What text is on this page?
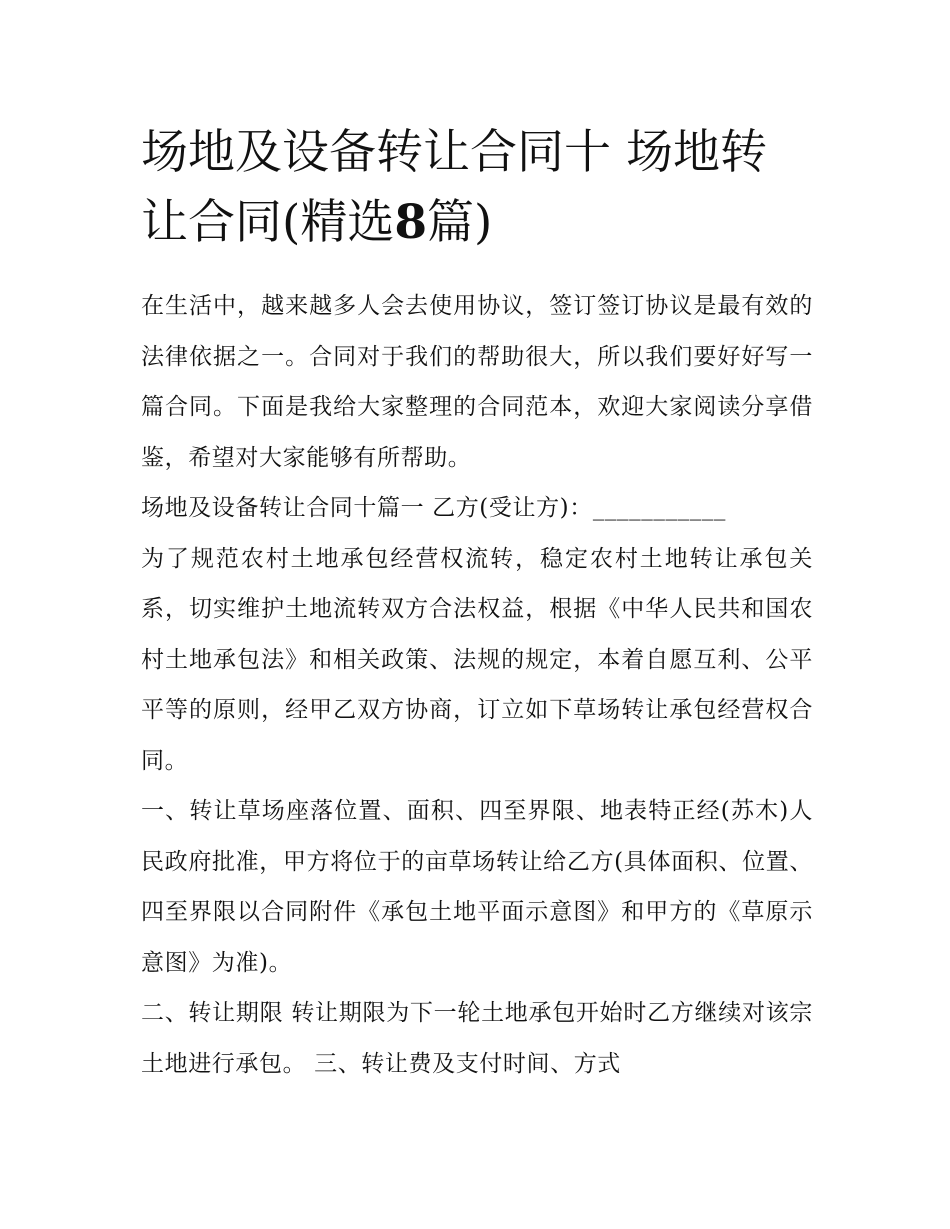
场地及设备转让合同十 场地转让合同(精选8篇)

在生活中，越来越多人会去使用协议，签订签订协议是最有效的法律依据之一。合同对于我们的帮助很大，所以我们要好好写一篇合同。下面是我给大家整理的合同范本，欢迎大家阅读分享借鉴，希望对大家能够有所帮助。

场地及设备转让合同十篇一 乙方(受让方)：___________

为了规范农村土地承包经营权流转，稳定农村土地转让承包关系，切实维护土地流转双方合法权益，根据《中华人民共和国农村土地承包法》和相关政策、法规的规定，本着自愿互利、公平平等的原则，经甲乙双方协商，订立如下草场转让承包经营权合同。

一、转让草场座落位置、面积、四至界限、地表特正经(苏木)人民政府批准，甲方将位于的亩草场转让给乙方(具体面积、位置、四至界限以合同附件《承包土地平面示意图》和甲方的《草原示意图》为准)。

二、转让期限 转让期限为下一轮土地承包开始时乙方继续对该宗土地进行承包。 三、转让费及支付时间、方式
